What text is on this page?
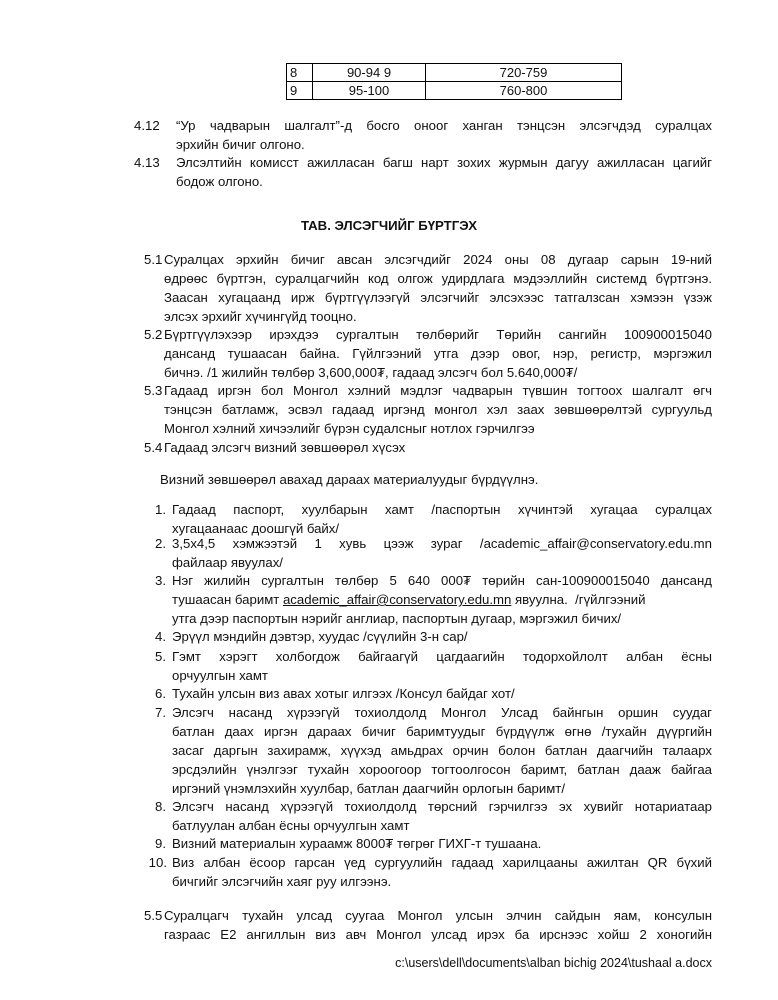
8	90-94 9	720-759
9	95-100	760-800
4.12 “Ур чадварын шалгалт”-д босго оноог ханган тэнцсэн элсэгчдэд суралцах
эрхийн бичиг олгоно.
4.13 Элсэлтийн комисст ажилласан багш нарт зохих журмын дагуу ажилласан цагийг
бодож олгоно.
ТАВ. ЭЛСЭГЧИЙГ БҮРТГЭХ
5.1 Суралцах эрхийн бичиг авсан элсэгчдийг 2024 оны 08 дугаар сарын 19-ний
өдрөөс бүртгэн, суралцагчийн код олгож удирдлага мэдээллийн системд бүртгэнэ.
Заасан хугацаанд ирж бүртгүүлээгүй элсэгчийг элсэхээс татгалзсан хэмээн үзэж
элсэх эрхийг хүчингүйд тооцно.
5.2 Бүртгүүлэхээр ирэхдээ сургалтын төлбөрийг Төрийн сангийн 100900015040
дансанд тушаасан байна. Гүйлгээний утга дээр овог, нэр, регистр, мэргэжил
бичнэ. /1 жилийн төлбөр 3,600,000₮, гадаад элсэгч бол 5.640,000₮/
5.3 Гадаад иргэн бол Монгол хэлний мэдлэг чадварын түвшин тогтоох шалгалт өгч
тэнцсэн батламж, эсвэл гадаад иргэнд монгол хэл заах зөвшөөрөлтэй сургуульд
Монгол хэлний хичээлийг бүрэн судалсныг нотлох гэрчилгээ
5.4 Гадаад элсэгч визний зөвшөөрөл хүсэх
Визний зөвшөөрөл авахад дараах материалуудыг бүрдүүлнэ.
1. Гадаад паспорт, хуулбарын хамт /паспортын хүчинтэй хугацаа суралцах
хугацаанаас доошгүй байх/
2. 3,5x4,5 хэмжээтэй 1 хувь цээж зураг /academic_affair@conservatory.edu.mn
файлаар явуулах/
3. Нэг жилийн сургалтын төлбөр 5 640 000₮ төрийн сан-100900015040 дансанд
тушаасан баримт academic_affair@conservatory.edu.mn явуулна.  /гүйлгээний
утга дээр паспортын нэрийг англиар, паспортын дугаар, мэргэжил бичих/
4. Эрүүл мэндийн дэвтэр, хуудас /сүүлийн 3-н сар/
5. Гэмт хэрэгт холбогдож байгаагүй цагдаагийн тодорхойлолт албан ёсны
орчуулгын хамт
6. Тухайн улсын виз авах хотыг илгээх /Консул байдаг хот/
7. Элсэгч насанд хүрээгүй тохиолдолд Монгол Улсад байнгын оршин суудаг
батлан даах иргэн дараах бичиг баримтуудыг бүрдүүлж өгнө /тухайн дүүргийн
засаг даргын захирамж, хүүхэд амьдрах орчин болон батлан даагчийн талаарх
эрсдэлийн үнэлгээг тухайн хороогоор тогтоолгосон баримт, батлан дааж байгаа
иргэний үнэмлэхийн хуулбар, батлан даагчийн орлогын баримт/
8. Элсэгч насанд хүрээгүй тохиолдолд төрсний гэрчилгээ эх хувийг нотариатаар
батлуулан албан ёсны орчуулгын хамт
9. Визний материалын хураамж 8000₮ төгрөг ГИХГ-т тушаана.
10. Виз албан ёсоор гарсан үед сургуулийн гадаад харилцааны ажилтан QR бүхий
бичгийг элсэгчийн хаяг руу илгээнэ.
5.5 Суралцагч тухайн улсад суугаа Монгол улсын элчин сайдын яам, консулын
газраас E2 ангиллын виз авч Монгол улсад ирэх ба ирснээс хойш 2 хоногийн
c:\users\dell\documents\alban bichig 2024\tushaal a.docx
